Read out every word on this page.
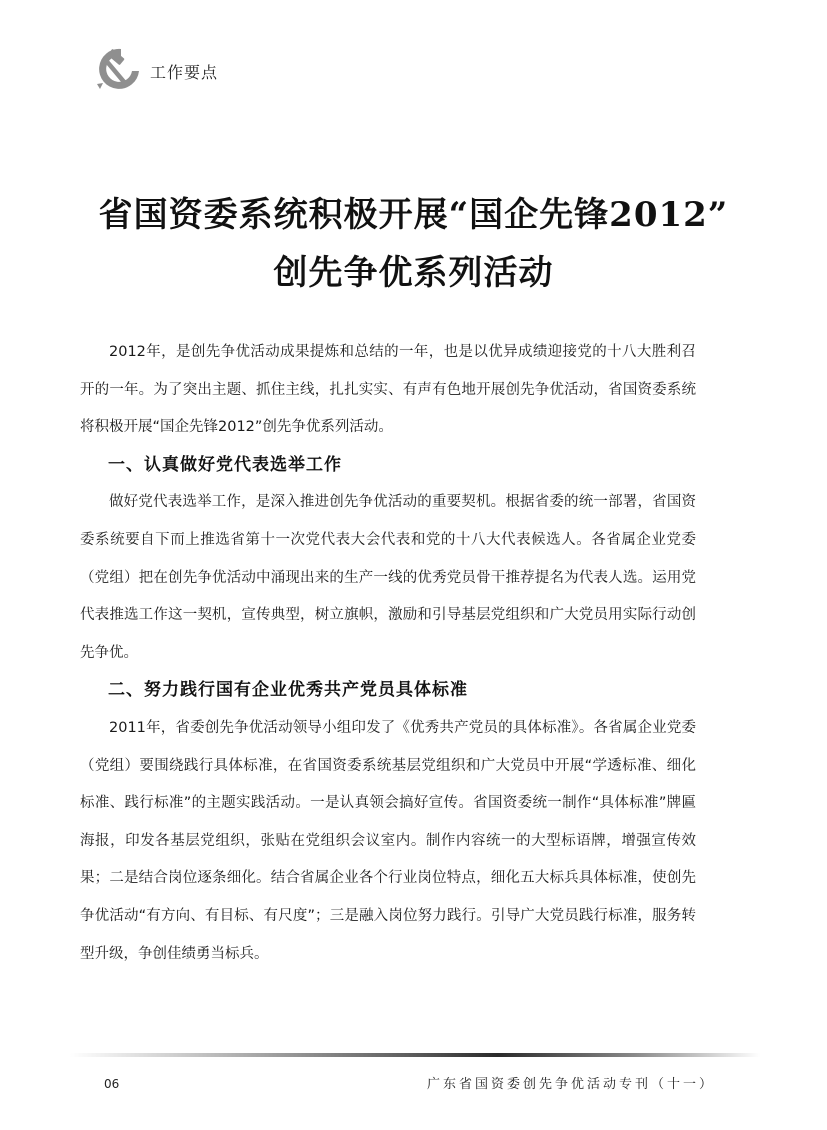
工作要点
省国资委系统积极开展“国企先锋2012”
创先争优系列活动

2012年，是创先争优活动成果提炼和总结的一年，也是以优异成绩迎接党的十八大胜利召开的一年。为了突出主题、抓住主线，扎扎实实、有声有色地开展创先争优活动，省国资委系统将积极开展“国企先锋2012”创先争优系列活动。

一、认真做好党代表选举工作

做好党代表选举工作，是深入推进创先争优活动的重要契机。根据省委的统一部署，省国资委系统要自下而上推选省第十一次党代表大会代表和党的十八大代表候选人。各省属企业党委（党组）把在创先争优活动中涌现出来的生产一线的优秀党员骨干推荐提名为代表人选。运用党代表推选工作这一契机，宣传典型，树立旗帜，激励和引导基层党组织和广大党员用实际行动创先争优。

二、努力践行国有企业优秀共产党员具体标准

2011年，省委创先争优活动领导小组印发了《优秀共产党员的具体标准》。各省属企业党委（党组）要围绕践行具体标准，在省国资委系统基层党组织和广大党员中开展“学透标准、细化标准、践行标准”的主题实践活动。一是认真领会搞好宣传。省国资委统一制作“具体标准”牌匾海报，印发各基层党组织，张贴在党组织会议室内。制作内容统一的大型标语牌，增强宣传效果；二是结合岗位逐条细化。结合省属企业各个行业岗位特点，细化五大标兵具体标准，使创先争优活动“有方向、有目标、有尺度”；三是融入岗位努力践行。引导广大党员践行标准，服务转型升级，争创佳绩勇当标兵。

06	广东省国资委创先争优活动专刊（十一）
